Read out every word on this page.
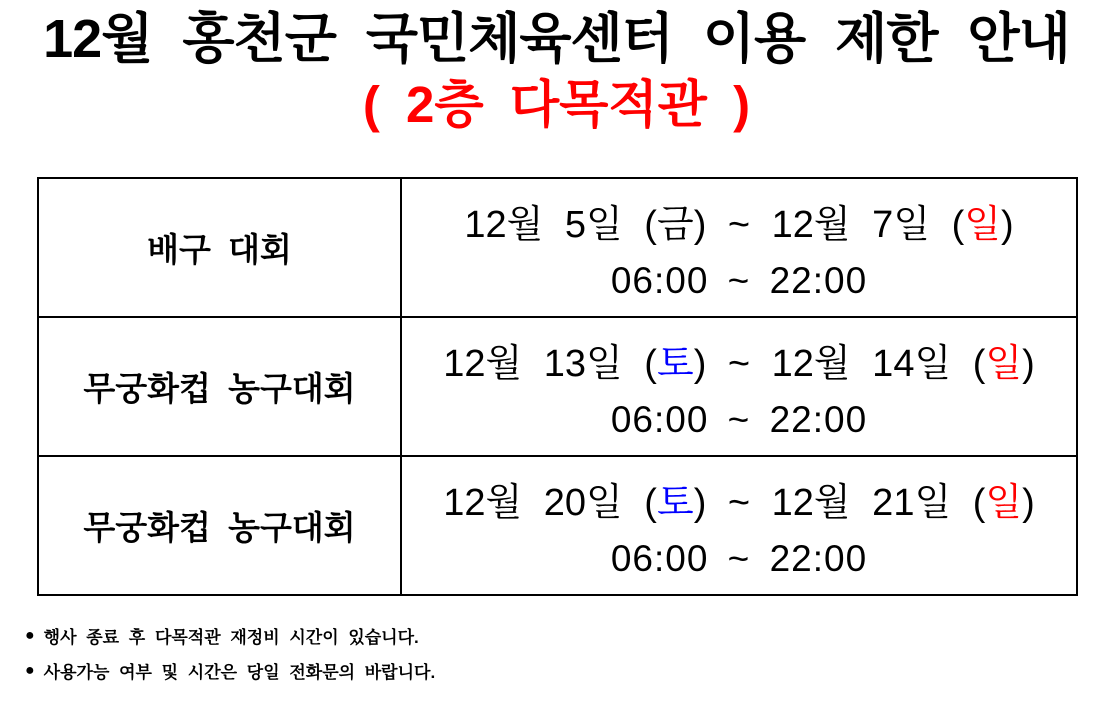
12월 홍천군 국민체육센터 이용 제한 안내
( 2층 다목적관 )
배구 대회	12월 5일 (금) ~ 12월 7일 (일)
06:00 ~ 22:00

무궁화컵 농구대회	12월 13일 (토) ~ 12월 14일 (일)
06:00 ~ 22:00

무궁화컵 농구대회	12월 20일 (토) ~ 12월 21일 (일)
06:00 ~ 22:00
● 행사 종료 후 다목적관 재정비 시간이 있습니다.
● 사용가능 여부 및 시간은 당일 전화문의 바랍니다.
